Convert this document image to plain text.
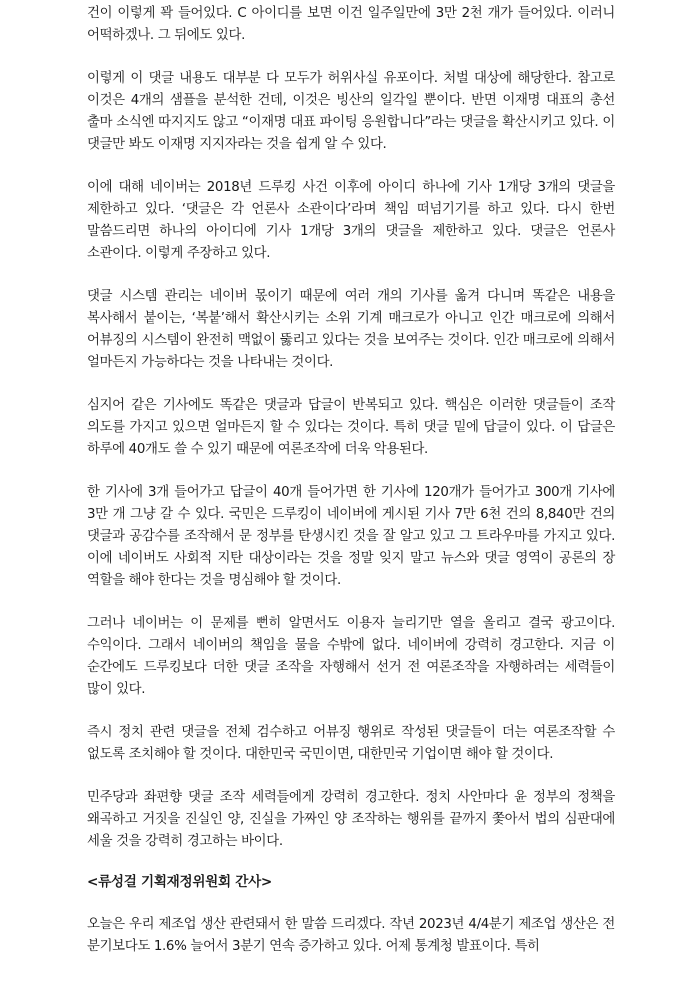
건이 이렇게 꽉 들어있다. C 아이디를 보면 이건 일주일만에 3만 2천 개가 들어있다. 이러니 어떡하겠나. 그 뒤에도 있다.

이렇게 이 댓글 내용도 대부분 다 모두가 허위사실 유포이다. 처벌 대상에 해당한다. 참고로 이것은 4개의 샘플을 분석한 건데, 이것은 빙산의 일각일 뿐이다. 반면 이재명 대표의 총선 출마 소식엔 따지지도 않고 “이재명 대표 파이팅 응원합니다”라는 댓글을 확산시키고 있다. 이 댓글만 봐도 이재명 지지자라는 것을 쉽게 알 수 있다.

이에 대해 네이버는 2018년 드루킹 사건 이후에 아이디 하나에 기사 1개당 3개의 댓글을 제한하고 있다. ‘댓글은 각 언론사 소관이다’라며 책임 떠넘기기를 하고 있다. 다시 한번 말씀드리면 하나의 아이디에 기사 1개당 3개의 댓글을 제한하고 있다. 댓글은 언론사 소관이다. 이렇게 주장하고 있다.

댓글 시스템 관리는 네이버 몫이기 때문에 여러 개의 기사를 옮겨 다니며 똑같은 내용을 복사해서 붙이는, ‘복붙’해서 확산시키는 소위 기계 매크로가 아니고 인간 매크로에 의해서 어뷰징의 시스템이 완전히 맥없이 뚫리고 있다는 것을 보여주는 것이다. 인간 매크로에 의해서 얼마든지 가능하다는 것을 나타내는 것이다.

심지어 같은 기사에도 똑같은 댓글과 답글이 반복되고 있다. 핵심은 이러한 댓글들이 조작 의도를 가지고 있으면 얼마든지 할 수 있다는 것이다. 특히 댓글 밑에 답글이 있다. 이 답글은 하루에 40개도 쓸 수 있기 때문에 여론조작에 더욱 악용된다.

한 기사에 3개 들어가고 답글이 40개 들어가면 한 기사에 120개가 들어가고 300개 기사에 3만 개 그냥 갈 수 있다. 국민은 드루킹이 네이버에 게시된 기사 7만 6천 건의 8,840만 건의 댓글과 공감수를 조작해서 문 정부를 탄생시킨 것을 잘 알고 있고 그 트라우마를 가지고 있다. 이에 네이버도 사회적 지탄 대상이라는 것을 정말 잊지 말고 뉴스와 댓글 영역이 공론의 장 역할을 해야 한다는 것을 명심해야 할 것이다.

그러나 네이버는 이 문제를 뻔히 알면서도 이용자 늘리기만 열을 올리고 결국 광고이다. 수익이다. 그래서 네이버의 책임을 물을 수밖에 없다. 네이버에 강력히 경고한다. 지금 이 순간에도 드루킹보다 더한 댓글 조작을 자행해서 선거 전 여론조작을 자행하려는 세력들이 많이 있다.

즉시 정치 관련 댓글을 전체 검수하고 어뷰징 행위로 작성된 댓글들이 더는 여론조작할 수 없도록 조치해야 할 것이다. 대한민국 국민이면, 대한민국 기업이면 해야 할 것이다.

민주당과 좌편향 댓글 조작 세력들에게 강력히 경고한다. 정치 사안마다 윤 정부의 정책을 왜곡하고 거짓을 진실인 양, 진실을 가짜인 양 조작하는 행위를 끝까지 쫓아서 법의 심판대에 세울 것을 강력히 경고하는 바이다.

<류성걸 기획재정위원회 간사>

오늘은 우리 제조업 생산 관련돼서 한 말씀 드리겠다. 작년 2023년 4/4분기 제조업 생산은 전 분기보다도 1.6% 늘어서 3분기 연속 증가하고 있다. 어제 통계청 발표이다. 특히
